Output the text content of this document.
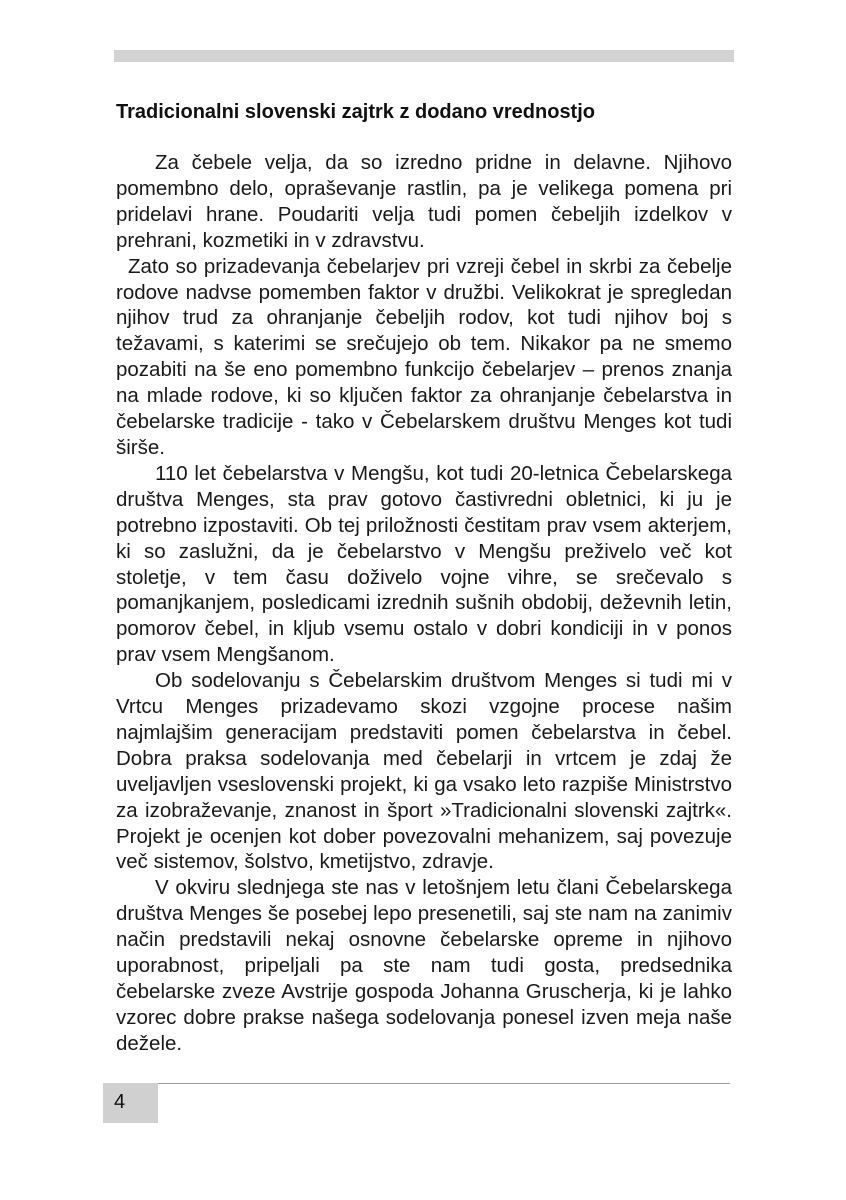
Tradicionalni slovenski zajtrk z dodano vrednostjo

Za čebele velja, da so izredno pridne in delavne. Njihovo pomembno delo, opraševanje rastlin, pa je velikega pomena pri pridelavi hrane. Poudariti velja tudi pomen čebeljih izdelkov v prehrani, kozmetiki in v zdravstvu.

Zato so prizadevanja čebelarjev pri vzreji čebel in skrbi za čebelje rodove nadvse pomemben faktor v družbi. Velikokrat je spregledan njihov trud za ohranjanje čebeljih rodov, kot tudi njihov boj s težavami, s katerimi se srečujejo ob tem. Nikakor pa ne smemo pozabiti na še eno pomembno funkcijo čebelarjev – prenos znanja na mlade rodove, ki so ključen faktor za ohranjanje čebelarstva in čebelarske tradicije - tako v Čebelarskem društvu Menges kot tudi širše.

110 let čebelarstva v Mengšu, kot tudi 20-letnica Čebelarskega društva Menges, sta prav gotovo častivredni obletnici, ki ju je potrebno izpostaviti. Ob tej priložnosti čestitam prav vsem akterjem, ki so zaslužni, da je čebelarstvo v Mengšu preživelo več kot stoletje, v tem času doživelo vojne vihre, se srečevalo s pomanjkanjem, posledicami izrednih sušnih obdobij, deževnih letin, pomorov čebel, in kljub vsemu ostalo v dobri kondiciji in v ponos prav vsem Mengšanom.

Ob sodelovanju s Čebelarskim društvom Menges si tudi mi v Vrtcu Menges prizadevamo skozi vzgojne procese našim najmlajšim generacijam predstaviti pomen čebelarstva in čebel. Dobra praksa sodelovanja med čebelarji in vrtcem je zdaj že uveljavljen vseslovenski projekt, ki ga vsako leto razpiše Ministrstvo za izobraževanje, znanost in šport »Tradicionalni slovenski zajtrk«. Projekt je ocenjen kot dober povezovalni mehanizem, saj povezuje več sistemov, šolstvo, kmetijstvo, zdravje.

V okviru slednjega ste nas v letošnjem letu člani Čebelarskega društva Menges še posebej lepo presenetili, saj ste nam na zanimiv način predstavili nekaj osnovne čebelarske opreme in njihovo uporabnost, pripeljali pa ste nam tudi gosta, predsednika čebelarske zveze Avstrije gospoda Johanna Gruscherja, ki je lahko vzorec dobre prakse našega sodelovanja ponesel izven meja naše dežele.

4
